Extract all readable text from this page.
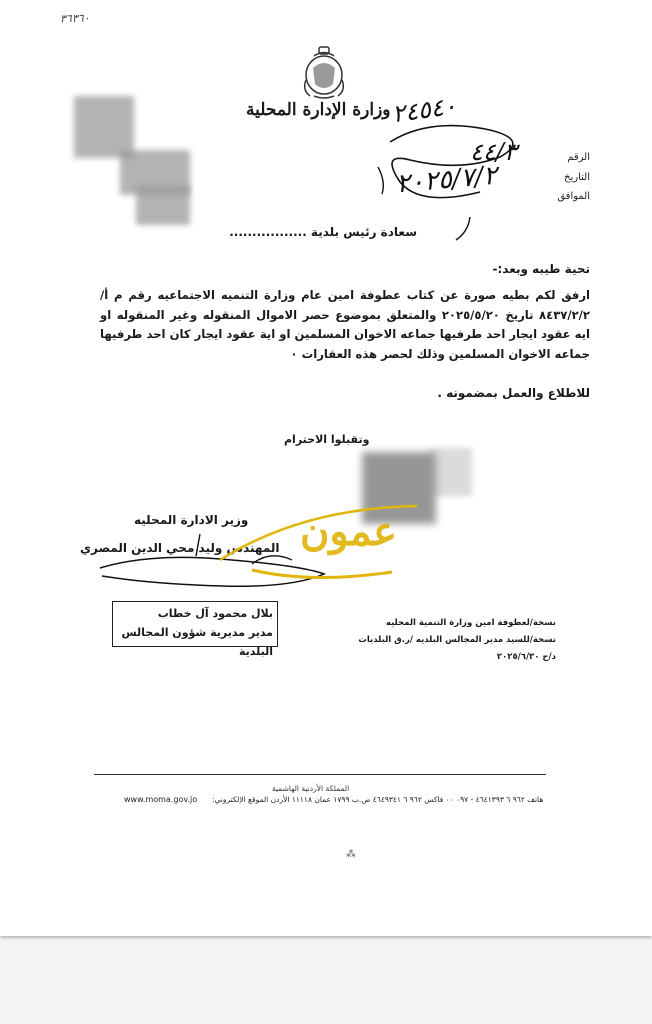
٣٦٣٦٠
وزارة الإدارة المحلية
الرقم
التاريخ
الموافق
٢٤٥٤٠
٤٤/٣
٢٠٢٥/٧/٢
سعادة رئيس بلدية .................
تحية طيبه وبعد:-
ارفق لكم بطيه صورة عن كتاب عطوفة امين عام وزارة التنميه الاجتماعيه رقم م أ/٨٤٣٧/٢/٢ تاريخ ٢٠٢٥/٥/٢٠ والمتعلق بموضوع حصر الاموال المنقوله وغير المنقوله او ايه عقود ايجار احد طرفيها جماعه الاخوان المسلمين او اية عقود ايجار كان احد طرفيها جماعه الاخوان المسلمين وذلك لحصر هذه العقارات ٠
للاطلاع والعمل بمضمونه .
وتقبلوا الاحترام
وزير الادارة المحليه
المهندس وليد محي الدين المصري عمون
بلال محمود آل خطاب
مدير مديرية شؤون المجالس البلدية
نسخة/لعطوفة امين وزارة التنمية المحليه
نسخة/للسيد مدير المجالس البلديه /ر.ق البلديات
د/ح ٢٠٢٥/٦/٣٠
المملكة الأردنية الهاشمية
www.moma.gov.jo هاتف ٩٦٢ ٦ ٤٦٤١٣٩٣ - ٠٩٧ ٠٠ فاكس ٩٦٢ ٦ ٤٦٤٩٣٤١ ص.ب ١٧٩٩ عمان ١١١١٨ الأردن الموقع الإلكتروني:
⁂
